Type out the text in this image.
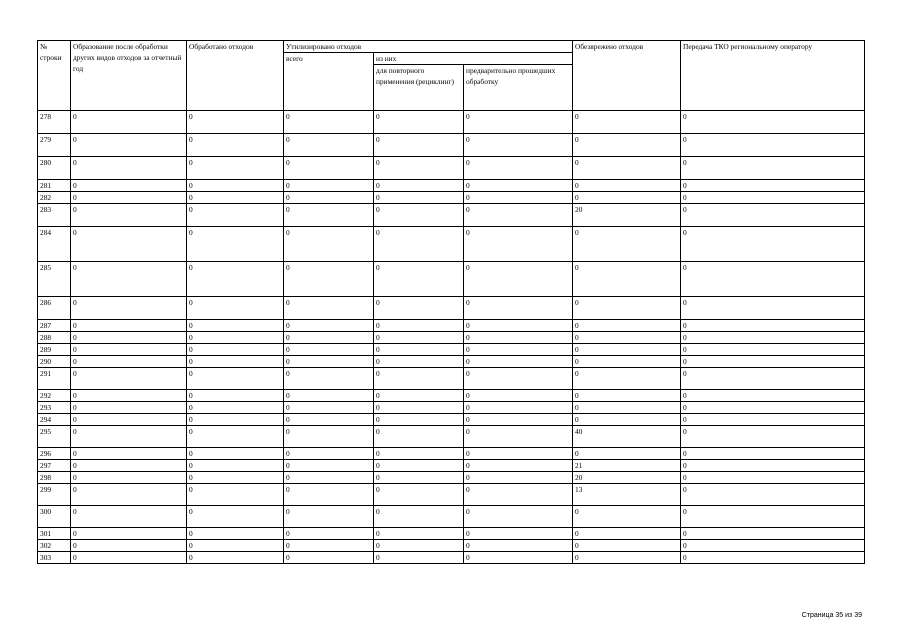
№ строки	Образование после обработки других видов отходов за отчетный год	Обработано отходов	Утилизировано отходов			Обезврежено отходов	Передача ТКО региональному оператору
			всего	из них			
				для повторного применения (рециклинг)	предварительно прошедших обработку		
278	0	0	0	0	0	0	0
279	0	0	0	0	0	0	0
280	0	0	0	0	0	0	0
281	0	0	0	0	0	0	0
282	0	0	0	0	0	0	0
283	0	0	0	0	0	20	0
284	0	0	0	0	0	0	0
285	0	0	0	0	0	0	0
286	0	0	0	0	0	0	0
287	0	0	0	0	0	0	0
288	0	0	0	0	0	0	0
289	0	0	0	0	0	0	0
290	0	0	0	0	0	0	0
291	0	0	0	0	0	0	0
292	0	0	0	0	0	0	0
293	0	0	0	0	0	0	0
294	0	0	0	0	0	0	0
295	0	0	0	0	0	40	0
296	0	0	0	0	0	0	0
297	0	0	0	0	0	21	0
298	0	0	0	0	0	20	0
299	0	0	0	0	0	13	0
300	0	0	0	0	0	0	0
301	0	0	0	0	0	0	0
302	0	0	0	0	0	0	0
303	0	0	0	0	0	0	0
Страница 35 из 39
